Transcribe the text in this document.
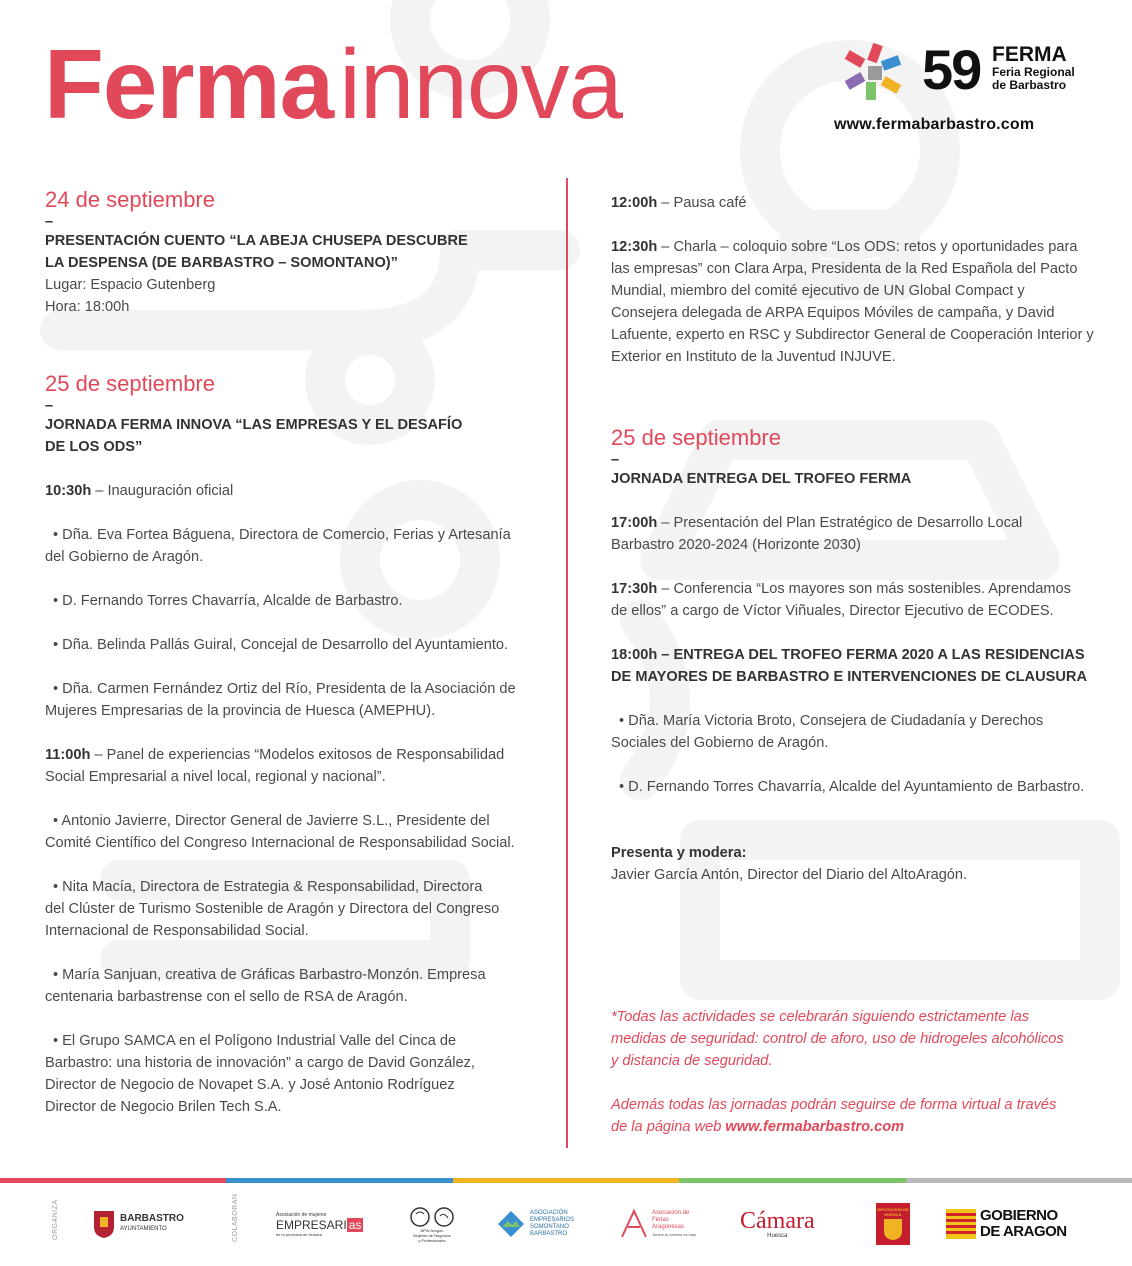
Fermainnova	59 FERMA
Feria Regional
de Barbastro
www.fermabarbastro.com

24 de septiembre

–

PRESENTACIÓN CUENTO “LA ABEJA CHUSEPA DESCUBRE

LA DESPENSA (DE BARBASTRO – SOMONTANO)”

Lugar: Espacio Gutenberg

Hora: 18:00h

25 de septiembre

–

JORNADA FERMA INNOVA “LAS EMPRESAS Y EL DESAFÍO

DE LOS ODS”

10:30h – Inauguración oficial

• Dña. Eva Fortea Báguena, Directora de Comercio, Ferias y Artesanía

del Gobierno de Aragón.

• D. Fernando Torres Chavarría, Alcalde de Barbastro.

• Dña. Belinda Pallás Guiral, Concejal de Desarrollo del Ayuntamiento.

• Dña. Carmen Fernández Ortiz del Río, Presidenta de la Asociación de

Mujeres Empresarias de la provincia de Huesca (AMEPHU).

11:00h – Panel de experiencias “Modelos exitosos de Responsabilidad

Social Empresarial a nivel local, regional y nacional”.

• Antonio Javierre, Director General de Javierre S.L., Presidente del

Comité Científico del Congreso Internacional de Responsabilidad Social.

• Nita Macía, Directora de Estrategia & Responsabilidad, Directora

del Clúster de Turismo Sostenible de Aragón y Directora del Congreso

Internacional de Responsabilidad Social.

• María Sanjuan, creativa de Gráficas Barbastro-Monzón. Empresa

centenaria barbastrense con el sello de RSA de Aragón.

• El Grupo SAMCA en el Polígono Industrial Valle del Cinca de

Barbastro: una historia de innovación” a cargo de David González,

Director de Negocio de Novapet S.A. y José Antonio Rodríguez

Director de Negocio Brilen Tech S.A.

12:00h – Pausa café

12:30h – Charla – coloquio sobre “Los ODS: retos y oportunidades para

las empresas” con Clara Arpa, Presidenta de la Red Española del Pacto

Mundial, miembro del comité ejecutivo de UN Global Compact y

Consejera delegada de ARPA Equipos Móviles de campaña, y David

Lafuente, experto en RSC y Subdirector General de Cooperación Interior y

Exterior en Instituto de la Juventud INJUVE.

25 de septiembre

–

JORNADA ENTREGA DEL TROFEO FERMA

17:00h – Presentación del Plan Estratégico de Desarrollo Local

Barbastro 2020-2024 (Horizonte 2030)

17:30h – Conferencia “Los mayores son más sostenibles. Aprendamos

de ellos” a cargo de Víctor Viñuales, Director Ejecutivo de ECODES.

18:00h – ENTREGA DEL TROFEO FERMA 2020 A LAS RESIDENCIAS

DE MAYORES DE BARBASTRO E INTERVENCIONES DE CLAUSURA

• Dña. María Victoria Broto, Consejera de Ciudadanía y Derechos

Sociales del Gobierno de Aragón.

• D. Fernando Torres Chavarría, Alcalde del Ayuntamiento de Barbastro.

Presenta y modera:

Javier García Antón, Director del Diario del AltoAragón.

*Todas las actividades se celebrarán siguiendo estrictamente las

medidas de seguridad: control de aforo, uso de hidrogeles alcohólicos

y distancia de seguridad.

Además todas las jornadas podrán seguirse de forma virtual a través

de la página web www.fermabarbastro.com

ORGANIZA	BARBASTRO
AYUNTAMIENTO	COLABORAN	Asociación de mujeres
EMPRESARI as
de la provincia de Huesca
BPW Aragón
Mujeres de Negocios
y Profesionales
ASOCIACIÓN
EMPRESARIOS
SOMONTANO
BARBASTRO
Asociación de
Ferias
Aragonesas
Juntos tu camino es más
Cámara
Huesca
DIPUTACIÓN DE HUESCA	GOBIERNO
DE ARAGON
